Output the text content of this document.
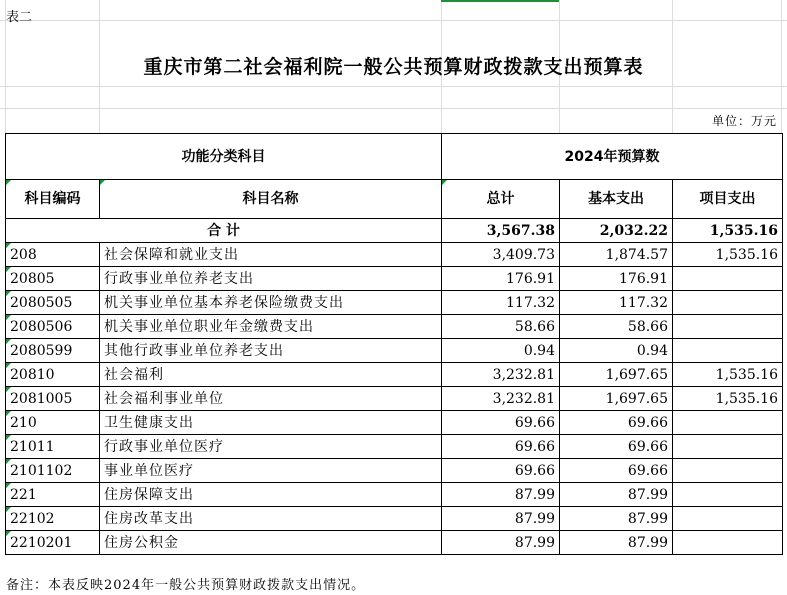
表二
重庆市第二社会福利院一般公共预算财政拨款支出预算表
单位：万元
功能分类科目		2024年预算数		
科目编码	科目名称	总计	基本支出	项目支出
合 计		3,567.38	2,032.22	1,535.16
208	社会保障和就业支出	3,409.73	1,874.57	1,535.16
20805	行政事业单位养老支出	176.91	176.91	
2080505	机关事业单位基本养老保险缴费支出	117.32	117.32	
2080506	机关事业单位职业年金缴费支出	58.66	58.66	
2080599	其他行政事业单位养老支出	0.94	0.94	
20810	社会福利	3,232.81	1,697.65	1,535.16
2081005	社会福利事业单位	3,232.81	1,697.65	1,535.16
210	卫生健康支出	69.66	69.66	
21011	行政事业单位医疗	69.66	69.66	
2101102	事业单位医疗	69.66	69.66	
221	住房保障支出	87.99	87.99	
22102	住房改革支出	87.99	87.99	
2210201	住房公积金	87.99	87.99	
备注：本表反映2024年一般公共预算财政拨款支出情况。
